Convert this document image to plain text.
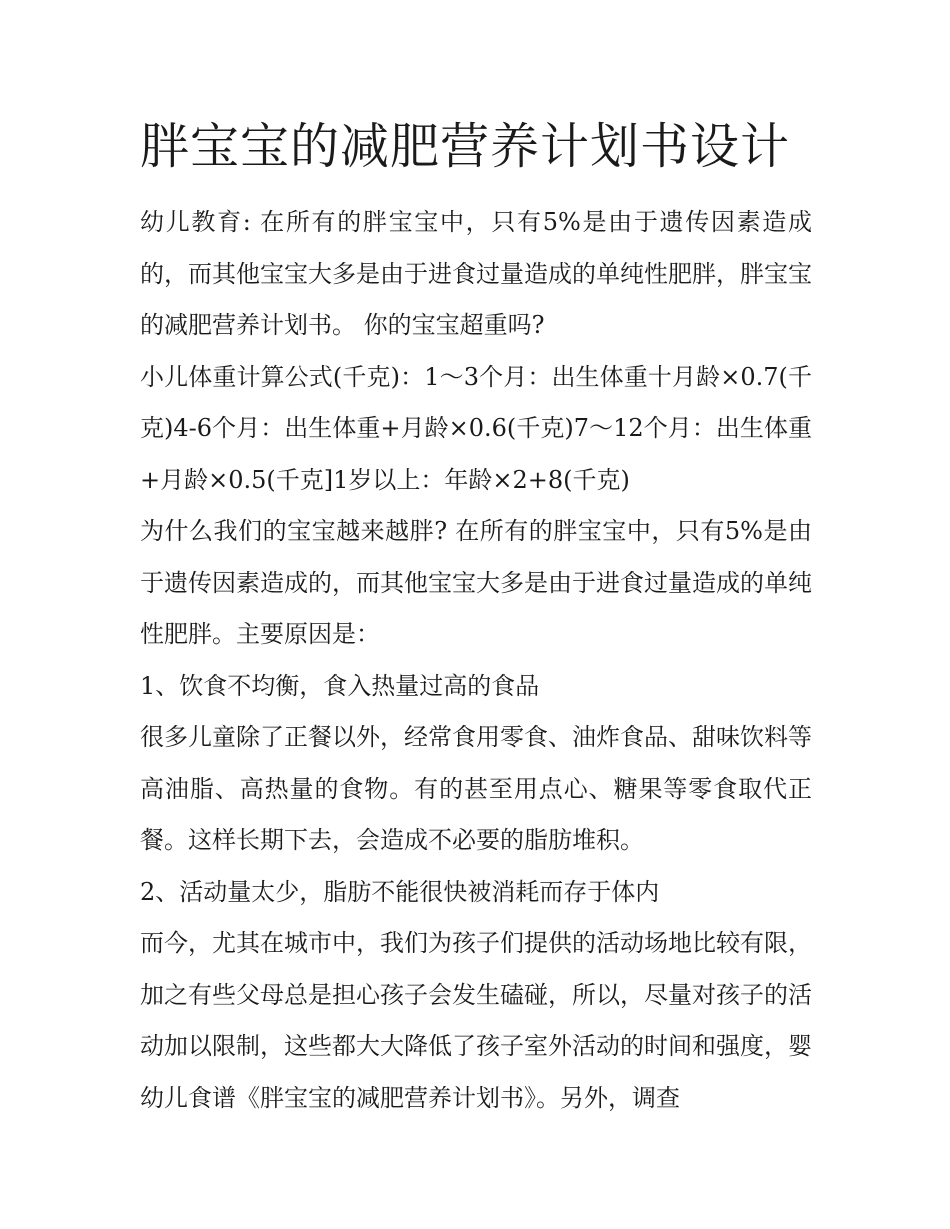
胖宝宝的减肥营养计划书设计

幼儿教育: 在所有的胖宝宝中，只有5%是由于遗传因素造成的，而其他宝宝大多是由于进食过量造成的单纯性肥胖，胖宝宝的减肥营养计划书。 你的宝宝超重吗?

小儿体重计算公式(千克)：1～3个月：出生体重十月龄×0.7(千克)4-6个月：出生体重+月龄×0.6(千克)7～12个月：出生体重+月龄×0.5(千克]1岁以上：年龄×2+8(千克)

为什么我们的宝宝越来越胖? 在所有的胖宝宝中，只有5%是由于遗传因素造成的，而其他宝宝大多是由于进食过量造成的单纯性肥胖。主要原因是：

1、饮食不均衡，食入热量过高的食品

很多儿童除了正餐以外，经常食用零食、油炸食品、甜味饮料等高油脂、高热量的食物。有的甚至用点心、糖果等零食取代正餐。这样长期下去，会造成不必要的脂肪堆积。

2、活动量太少，脂肪不能很快被消耗而存于体内

而今，尤其在城市中，我们为孩子们提供的活动场地比较有限，加之有些父母总是担心孩子会发生磕碰，所以，尽量对孩子的活动加以限制，这些都大大降低了孩子室外活动的时间和强度，婴幼儿食谱《胖宝宝的减肥营养计划书》。另外，调查
